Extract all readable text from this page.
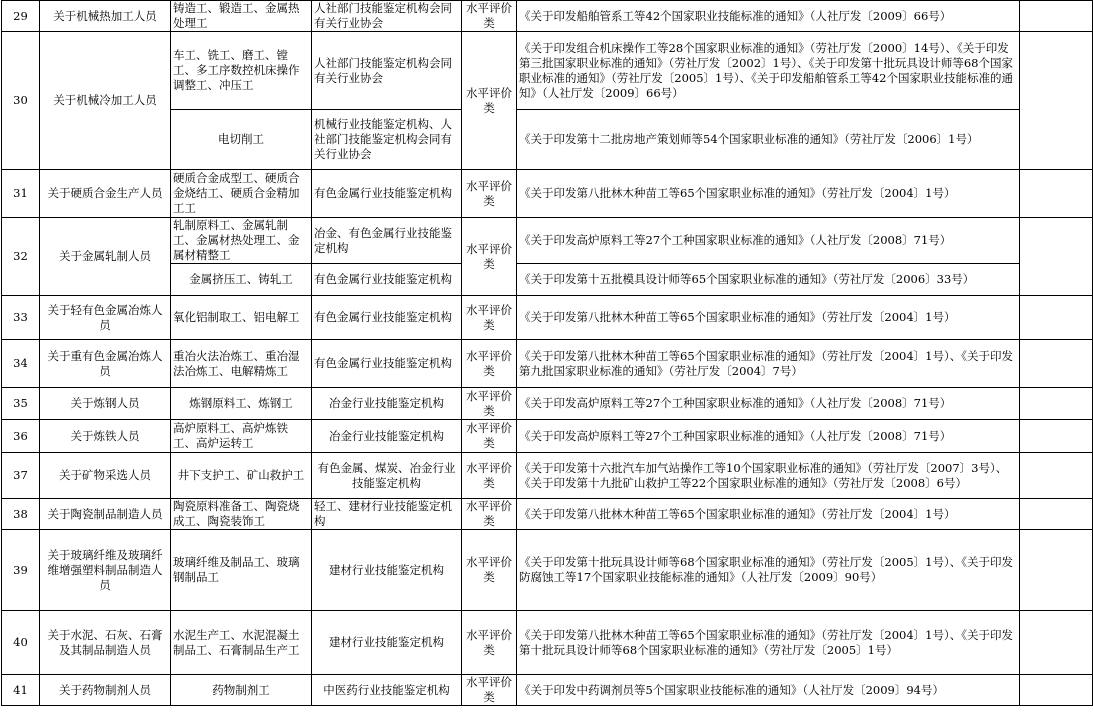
29	关于机械热加工人员	铸造工、锻造工、金属热处理工	人社部门技能鉴定机构会同有关行业协会	水平评价类	《关于印发船舶管系工等42个国家职业技能标准的通知》（人社厅发〔2009〕66号）	
30	关于机械冷加工人员	车工、铣工、磨工、镗工、多工序数控机床操作调整工、冲压工	人社部门技能鉴定机构会同有关行业协会	水平评价类	《关于印发组合机床操作工等28个国家职业标准的通知》（劳社厅发〔2000〕14号）、《关于印发第三批国家职业标准的通知》（劳社厅发〔2002〕1号）、《关于印发第十批玩具设计师等68个国家职业标准的通知》（劳社厅发〔2005〕1号）、《关于印发船舶管系工等42个国家职业技能标准的通知》（人社厅发〔2009〕66号）	
		电切削工	机械行业技能鉴定机构、人社部门技能鉴定机构会同有关行业协会		《关于印发第十二批房地产策划师等54个国家职业标准的通知》（劳社厅发〔2006〕1号）	
31	关于硬质合金生产人员	硬质合金成型工、硬质合金烧结工、硬质合金精加工工	有色金属行业技能鉴定机构	水平评价类	《关于印发第八批林木种苗工等65个国家职业标准的通知》（劳社厅发〔2004〕1号）	
32	关于金属轧制人员	轧制原料工、金属轧制工、金属材热处理工、金属材精整工	冶金、有色金属行业技能鉴定机构	水平评价类	《关于印发高炉原料工等27个工种国家职业标准的通知》（人社厅发〔2008〕71号）	
		金属挤压工、铸轧工	有色金属行业技能鉴定机构		《关于印发第十五批模具设计师等65个国家职业标准的通知》（劳社厅发〔2006〕33号）	
33	关于轻有色金属冶炼人员	氧化铝制取工、铝电解工	有色金属行业技能鉴定机构	水平评价类	《关于印发第八批林木种苗工等65个国家职业标准的通知》（劳社厅发〔2004〕1号）	
34	关于重有色金属冶炼人员	重冶火法冶炼工、重冶湿法冶炼工、电解精炼工	有色金属行业技能鉴定机构	水平评价类	《关于印发第八批林木种苗工等65个国家职业标准的通知》（劳社厅发〔2004〕1号）、《关于印发第九批国家职业标准的通知》（劳社厅发〔2004〕7号）	
35	关于炼钢人员	炼钢原料工、炼钢工	冶金行业技能鉴定机构	水平评价类	《关于印发高炉原料工等27个工种国家职业标准的通知》（人社厅发〔2008〕71号）	
36	关于炼铁人员	高炉原料工、高炉炼铁工、高炉运转工	冶金行业技能鉴定机构	水平评价类	《关于印发高炉原料工等27个工种国家职业标准的通知》（人社厅发〔2008〕71号）	
37	关于矿物采选人员	井下支护工、矿山救护工	有色金属、煤炭、冶金行业技能鉴定机构	水平评价类	《关于印发第十六批汽车加气站操作工等10个国家职业标准的通知》（劳社厅发〔2007〕3号）、《关于印发第十九批矿山救护工等22个国家职业标准的通知》（劳社厅发〔2008〕6号）	
38	关于陶瓷制品制造人员	陶瓷原料准备工、陶瓷烧成工、陶瓷装饰工	轻工、建材行业技能鉴定机构	水平评价类	《关于印发第八批林木种苗工等65个国家职业标准的通知》（劳社厅发〔2004〕1号）	
39	关于玻璃纤维及玻璃纤维增强塑料制品制造人员	玻璃纤维及制品工、玻璃钢制品工	建材行业技能鉴定机构	水平评价类	《关于印发第十批玩具设计师等68个国家职业标准的通知》（劳社厅发〔2005〕1号）、《关于印发防腐蚀工等17个国家职业技能标准的通知》（人社厅发〔2009〕90号）	
40	关于水泥、石灰、石膏及其制品制造人员	水泥生产工、水泥混凝土制品工、石膏制品生产工	建材行业技能鉴定机构	水平评价类	《关于印发第八批林木种苗工等65个国家职业标准的通知》（劳社厅发〔2004〕1号）、《关于印发第十批玩具设计师等68个国家职业标准的通知》（劳社厅发〔2005〕1号）	
41	关于药物制剂人员	药物制剂工	中医药行业技能鉴定机构	水平评价类	《关于印发中药调剂员等5个国家职业技能标准的通知》（人社厅发〔2009〕94号）	
